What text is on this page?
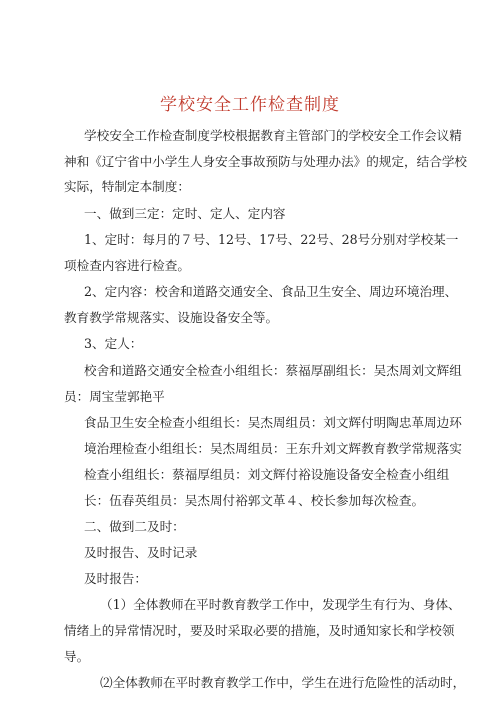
学校安全工作检查制度
学校安全工作检查制度学校根据教育主管部门的学校安全工作会议精
神和《辽宁省中小学生人身安全事故预防与处理办法》的规定，结合学校
实际，特制定本制度：
一、做到三定：定时、定人、定内容
1、定时：每月的７号、12号、17号、22号、28号分别对学校某一
项检查内容进行检查。
2、定内容：校舍和道路交通安全、食品卫生安全、周边环境治理、
教育教学常规落实、设施设备安全等。
3、定人：
校舍和道路交通安全检查小组组长：蔡福厚副组长：吴杰周刘文辉组
员：周宝莹郭艳平
食品卫生安全检查小组组长：吴杰周组员：刘文辉付明陶忠革周边环
境治理检查小组组长：吴杰周组员：王东升刘文辉教育教学常规落实
检查小组组长：蔡福厚组员：刘文辉付裕设施设备安全检查小组组
长：伍春英组员：吴杰周付裕郭文革４、校长参加每次检查。
二、做到二及时：
及时报告、及时记录
及时报告：
（1）全体教师在平时教育教学工作中，发现学生有行为、身体、
情绪上的异常情况时，要及时采取必要的措施，及时通知家长和学校领
导。
⑵全体教师在平时教育教学工作中，学生在进行危险性的活动时，
